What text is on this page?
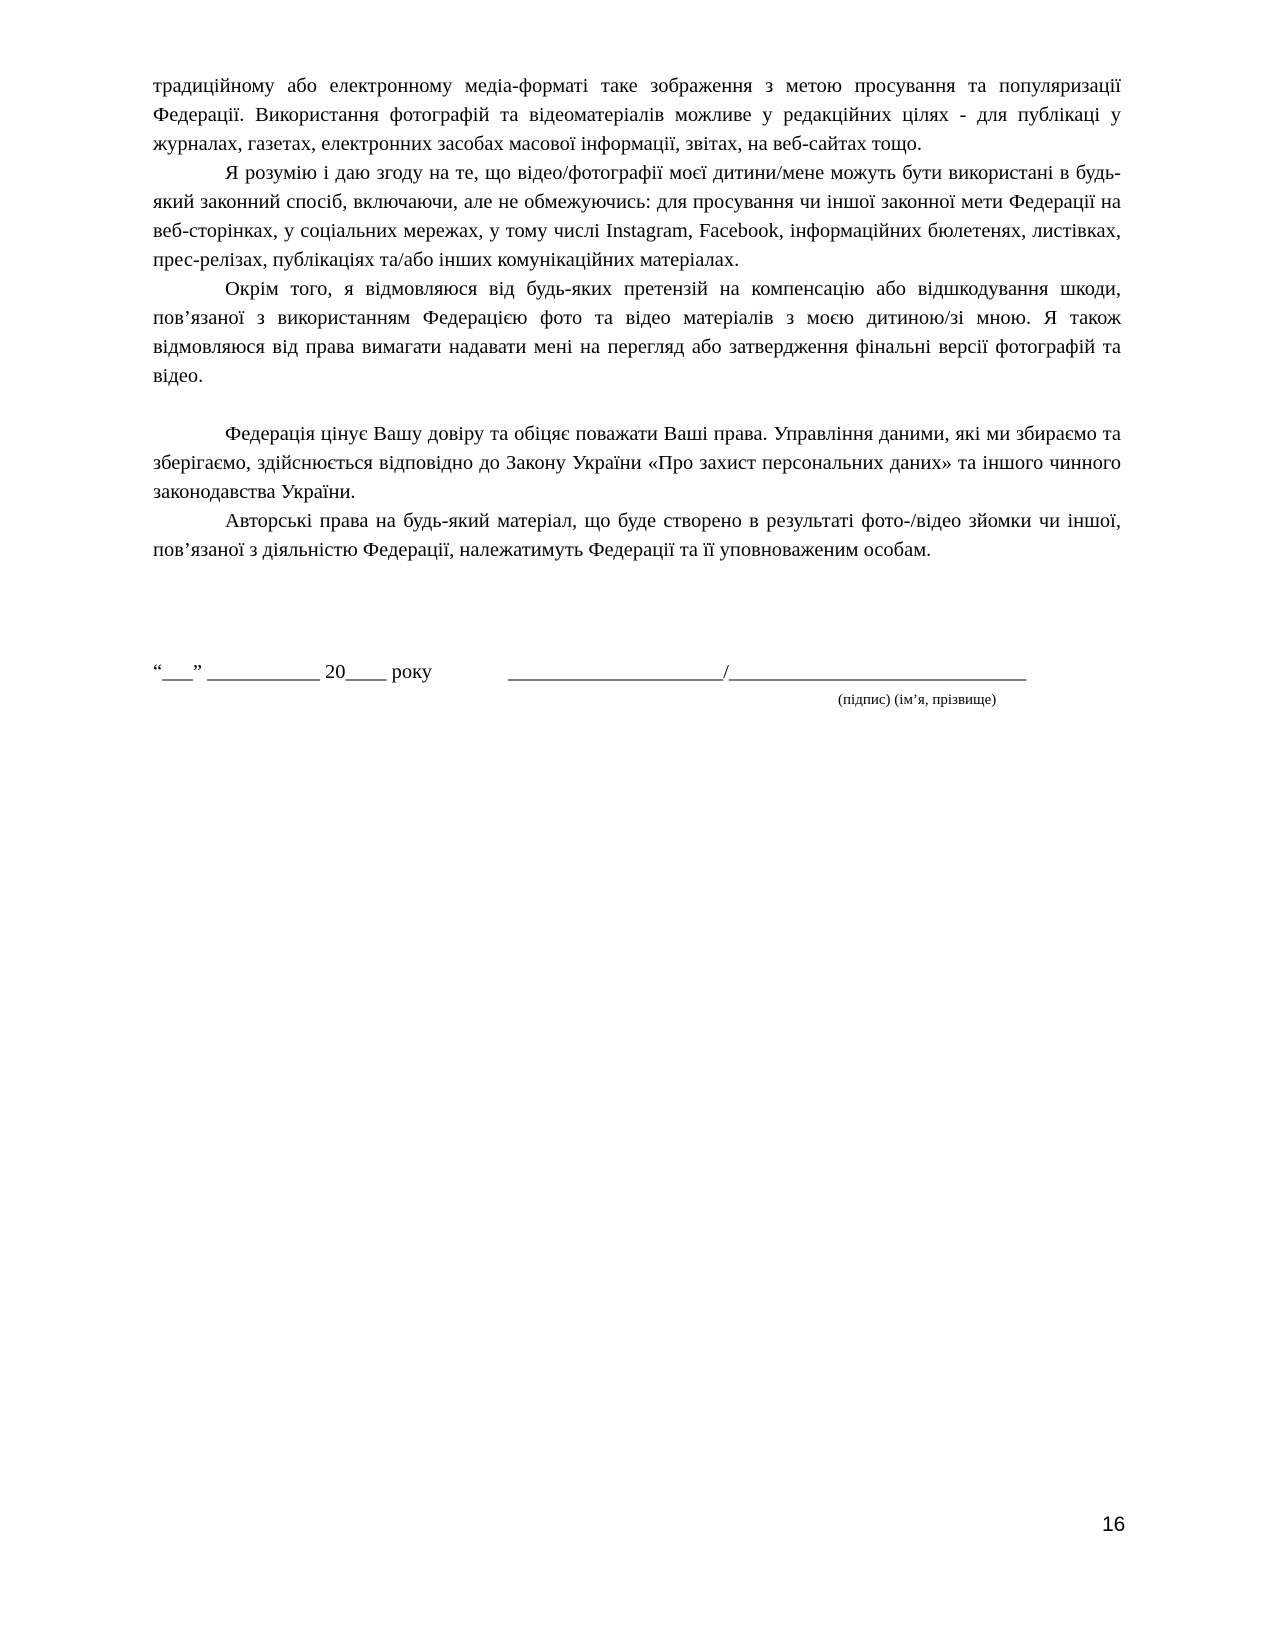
традиційному або електронному медіа-форматі таке зображення з метою просування та популяризації Федерації. Використання фотографій та відеоматеріалів можливе у редакційних цілях - для публікаці у журналах, газетах, електронних засобах масової інформації, звітах, на веб-сайтах тощо.

Я розумію і даю згоду на те, що відео/фотографії моєї дитини/мене можуть бути використані в будь-який законний спосіб, включаючи, але не обмежуючись: для просування чи іншої законної мети Федерації на веб-сторінках, у соціальних мережах, у тому числі Instagram, Facebook, інформаційних бюлетенях, листівках, прес-релізах, публікаціях та/або інших комунікаційних матеріалах.

Окрім того, я відмовляюся від будь-яких претензій на компенсацію або відшкодування шкоди, пов’язаної з використанням Федерацією фото та відео матеріалів з моєю дитиною/зі мною. Я також відмовляюся від права вимагати надавати мені на перегляд або затвердження фінальні версії фотографій та відео.

Федерація цінує Вашу довіру та обіцяє поважати Ваші права. Управління даними, які ми збираємо та зберігаємо, здійснюється відповідно до Закону України «Про захист персональних даних» та іншого чинного законодавства України.

Авторські права на будь-який матеріал, що буде створено в результаті фото-/відео зйомки чи іншої, пов’язаної з діяльністю Федерації, належатимуть Федерації та її уповноваженим особам.

“___” ___________ 20____ року	_____________________/_____________________________
(підпис) (ім’я, прізвище)
16
